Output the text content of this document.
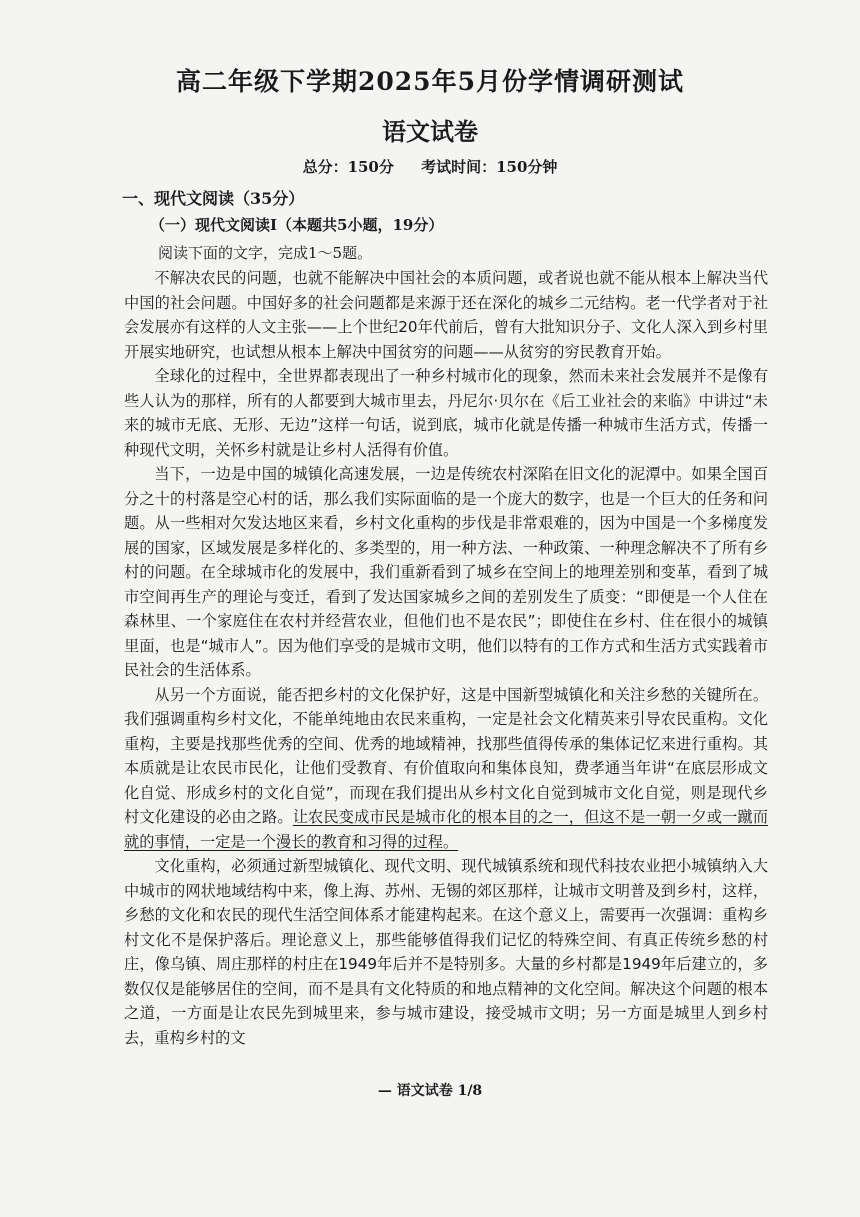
高二年级下学期2025年5月份学情调研测试
语文试卷
总分：150分 考试时间：150分钟
一、现代文阅读（35分）
（一）现代文阅读Ⅰ（本题共5小题，19分）
阅读下面的文字，完成1～5题。

不解决农民的问题，也就不能解决中国社会的本质问题，或者说也就不能从根本上解决当代中国的社会问题。中国好多的社会问题都是来源于还在深化的城乡二元结构。老一代学者对于社会发展亦有这样的人文主张——上个世纪20年代前后，曾有大批知识分子、文化人深入到乡村里开展实地研究，也试想从根本上解决中国贫穷的问题——从贫穷的穷民教育开始。

全球化的过程中，全世界都表现出了一种乡村城市化的现象，然而未来社会发展并不是像有些人认为的那样，所有的人都要到大城市里去，丹尼尔·贝尔在《后工业社会的来临》中讲过“未来的城市无底、无形、无边”这样一句话，说到底，城市化就是传播一种城市生活方式，传播一种现代文明，关怀乡村就是让乡村人活得有价值。

当下，一边是中国的城镇化高速发展，一边是传统农村深陷在旧文化的泥潭中。如果全国百分之十的村落是空心村的话，那么我们实际面临的是一个庞大的数字，也是一个巨大的任务和问题。从一些相对欠发达地区来看，乡村文化重构的步伐是非常艰难的，因为中国是一个多梯度发展的国家，区域发展是多样化的、多类型的，用一种方法、一种政策、一种理念解决不了所有乡村的问题。在全球城市化的发展中，我们重新看到了城乡在空间上的地理差别和变革，看到了城市空间再生产的理论与变迁，看到了发达国家城乡之间的差别发生了质变：“即便是一个人住在森林里、一个家庭住在农村并经营农业，但他们也不是农民”；即使住在乡村、住在很小的城镇里面，也是“城市人”。因为他们享受的是城市文明，他们以特有的工作方式和生活方式实践着市民社会的生活体系。

从另一个方面说，能否把乡村的文化保护好，这是中国新型城镇化和关注乡愁的关键所在。我们强调重构乡村文化，不能单纯地由农民来重构，一定是社会文化精英来引导农民重构。文化重构，主要是找那些优秀的空间、优秀的地域精神，找那些值得传承的集体记忆来进行重构。其本质就是让农民市民化，让他们受教育、有价值取向和集体良知，费孝通当年讲“在底层形成文化自觉、形成乡村的文化自觉”，而现在我们提出从乡村文化自觉到城市文化自觉，则是现代乡村文化建设的必由之路。让农民变成市民是城市化的根本目的之一，但这不是一朝一夕或一蹴而就的事情，一定是一个漫长的教育和习得的过程。

文化重构，必须通过新型城镇化、现代文明、现代城镇系统和现代科技农业把小城镇纳入大中城市的网状地域结构中来，像上海、苏州、无锡的郊区那样，让城市文明普及到乡村，这样，乡愁的文化和农民的现代生活空间体系才能建构起来。在这个意义上，需要再一次强调：重构乡村文化不是保护落后。理论意义上，那些能够值得我们记忆的特殊空间、有真正传统乡愁的村庄，像乌镇、周庄那样的村庄在1949年后并不是特别多。大量的乡村都是1949年后建立的，多数仅仅是能够居住的空间，而不是具有文化特质的和地点精神的文化空间。解决这个问题的根本之道，一方面是让农民先到城里来，参与城市建设，接受城市文明；另一方面是城里人到乡村去，重构乡村的文

— 语文试卷 1/8
